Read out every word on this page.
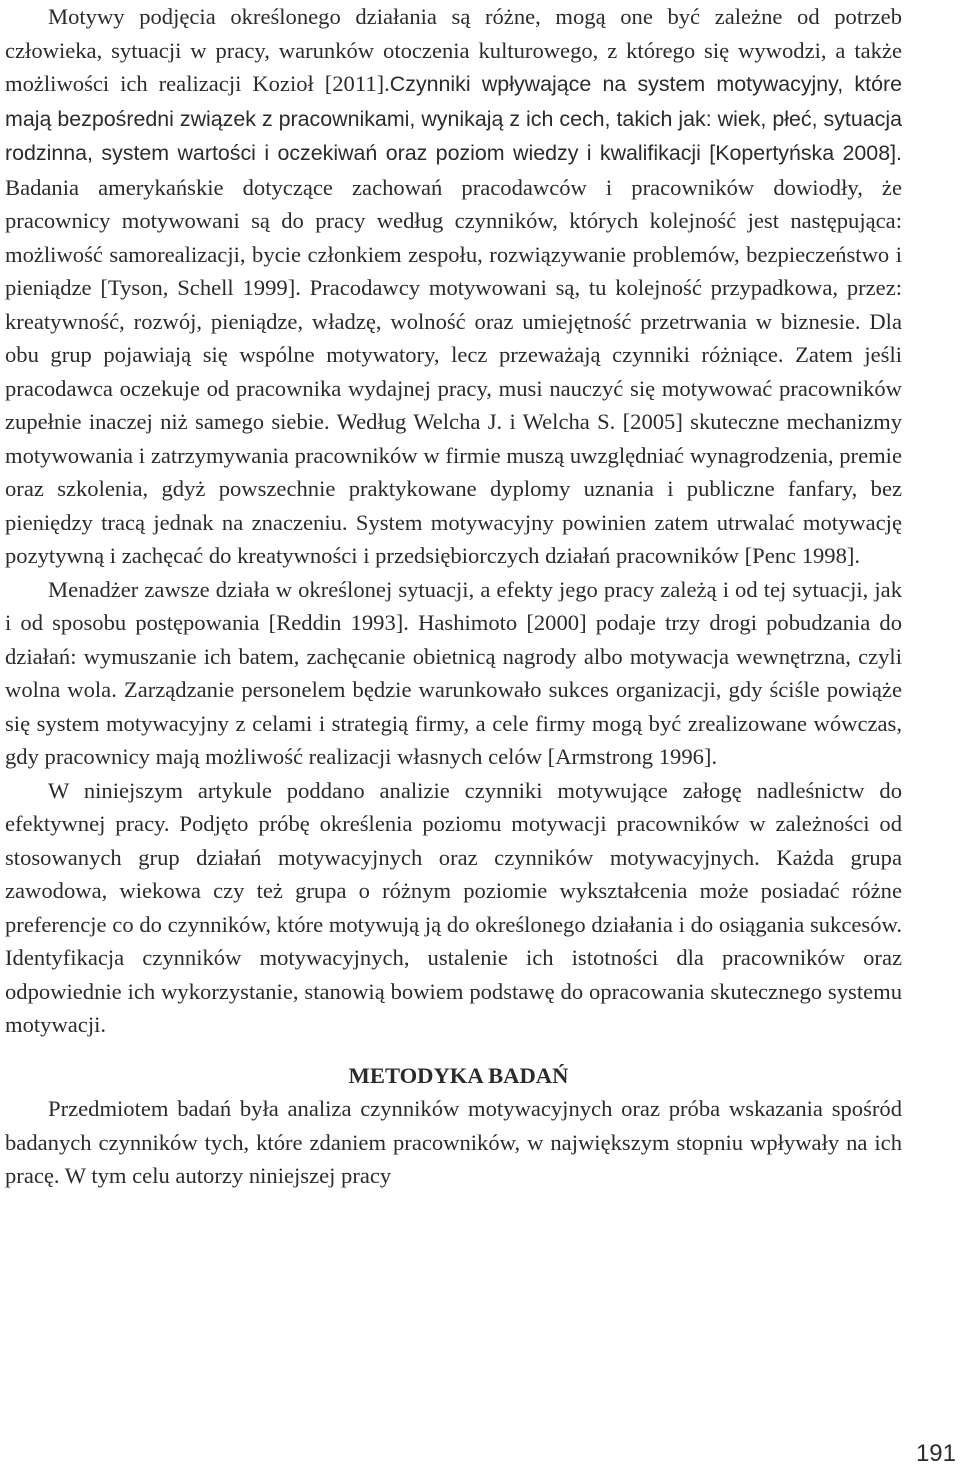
Motywy podjęcia określonego działania są różne, mogą one być zależne od potrzeb człowieka, sytuacji w pracy, warunków otoczenia kulturowego, z którego się wywodzi, a także możliwości ich realizacji Kozioł [2011].Czynniki wpływające na system motywacyjny, które mają bezpośredni związek z pracownikami, wynikają z ich cech, takich jak: wiek, płeć, sytuacja rodzinna, system wartości i oczekiwań oraz poziom wiedzy i kwalifikacji [Kopertyńska 2008]. Badania amerykańskie dotyczące zachowań pracodawców i pracowników dowiodły, że pracownicy motywowani są do pracy według czynników, których kolejność jest następująca: możliwość samorealizacji, bycie członkiem zespołu, rozwiązywanie problemów, bezpieczeństwo i pieniądze [Tyson, Schell 1999]. Pracodawcy motywowani są, tu kolejność przypadkowa, przez: kreatywność, rozwój, pieniądze, władzę, wolność oraz umiejętność przetrwania w biznesie. Dla obu grup pojawiają się wspólne motywatory, lecz przeważają czynniki różniące. Zatem jeśli pracodawca oczekuje od pracownika wydajnej pracy, musi nauczyć się motywować pracowników zupełnie inaczej niż samego siebie. Według Welcha J. i Welcha S. [2005] skuteczne mechanizmy motywowania i zatrzymywania pracowników w firmie muszą uwzględniać wynagrodzenia, premie oraz szkolenia, gdyż powszechnie praktykowane dyplomy uznania i publiczne fanfary, bez pieniędzy tracą jednak na znaczeniu. System motywacyjny powinien zatem utrwalać motywację pozytywną i zachęcać do kreatywności i przedsiębiorczych działań pracowników [Penc 1998].

Menadżer zawsze działa w określonej sytuacji, a efekty jego pracy zależą i od tej sytuacji, jak i od sposobu postępowania [Reddin 1993]. Hashimoto [2000] podaje trzy drogi pobudzania do działań: wymuszanie ich batem, zachęcanie obietnicą nagrody albo motywacja wewnętrzna, czyli wolna wola. Zarządzanie personelem będzie warunkowało sukces organizacji, gdy ściśle powiąże się system motywacyjny z celami i strategią firmy, a cele firmy mogą być zrealizowane wówczas, gdy pracownicy mają możliwość realizacji własnych celów [Armstrong 1996].

W niniejszym artykule poddano analizie czynniki motywujące załogę nadleśnictw do efektywnej pracy. Podjęto próbę określenia poziomu motywacji pracowników w zależności od stosowanych grup działań motywacyjnych oraz czynników motywacyjnych. Każda grupa zawodowa, wiekowa czy też grupa o różnym poziomie wykształcenia może posiadać różne preferencje co do czynników, które motywują ją do określonego działania i do osiągania sukcesów. Identyfikacja czynników motywacyjnych, ustalenie ich istotności dla pracowników oraz odpowiednie ich wykorzystanie, stanowią bowiem podstawę do opracowania skutecznego systemu motywacji.

METODYKA BADAŃ

Przedmiotem badań była analiza czynników motywacyjnych oraz próba wskazania spośród badanych czynników tych, które zdaniem pracowników, w największym stopniu wpływały na ich pracę. W tym celu autorzy niniejszej pracy

191
